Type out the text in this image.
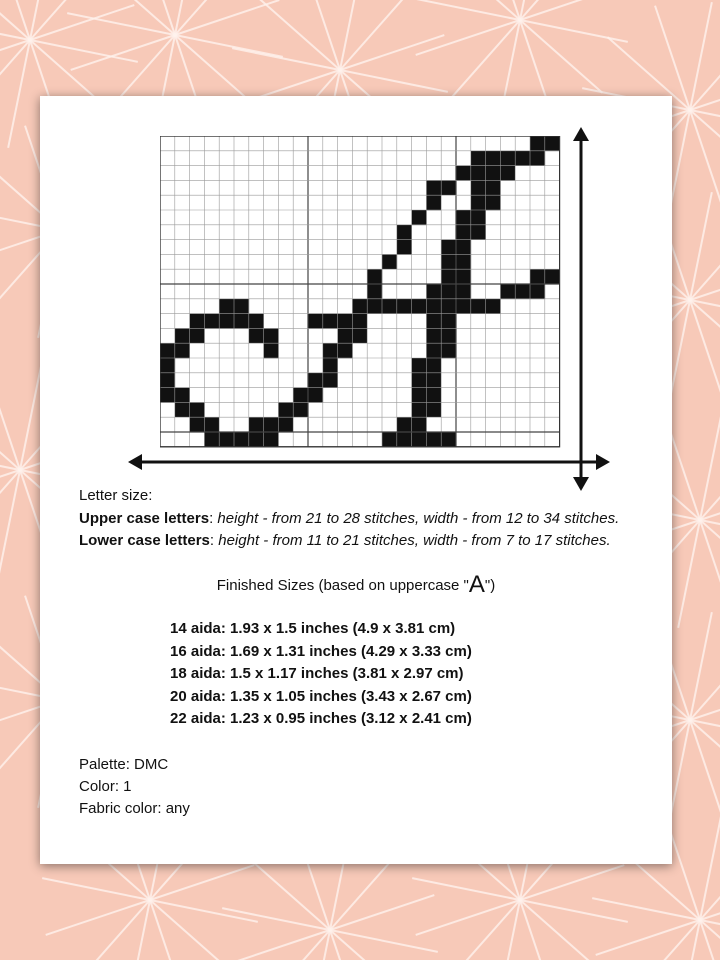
Letter size:
Upper case letters: height - from 21 to 28 stitches, width - from 12 to 34 stitches.
Lower case letters: height - from 11 to 21 stitches, width - from 7 to 17 stitches.
Finished Sizes (based on uppercase "A")
14 aida: 1.93 x 1.5 inches (4.9 x 3.81 cm)
16 aida: 1.69 x 1.31 inches (4.29 x 3.33 cm)
18 aida: 1.5 x 1.17 inches (3.81 x 2.97 cm)
20 aida: 1.35 x 1.05 inches (3.43 x 2.67 cm)
22 aida: 1.23 x 0.95 inches (3.12 x 2.41 cm)
Palette: DMC
Color: 1
Fabric color: any
